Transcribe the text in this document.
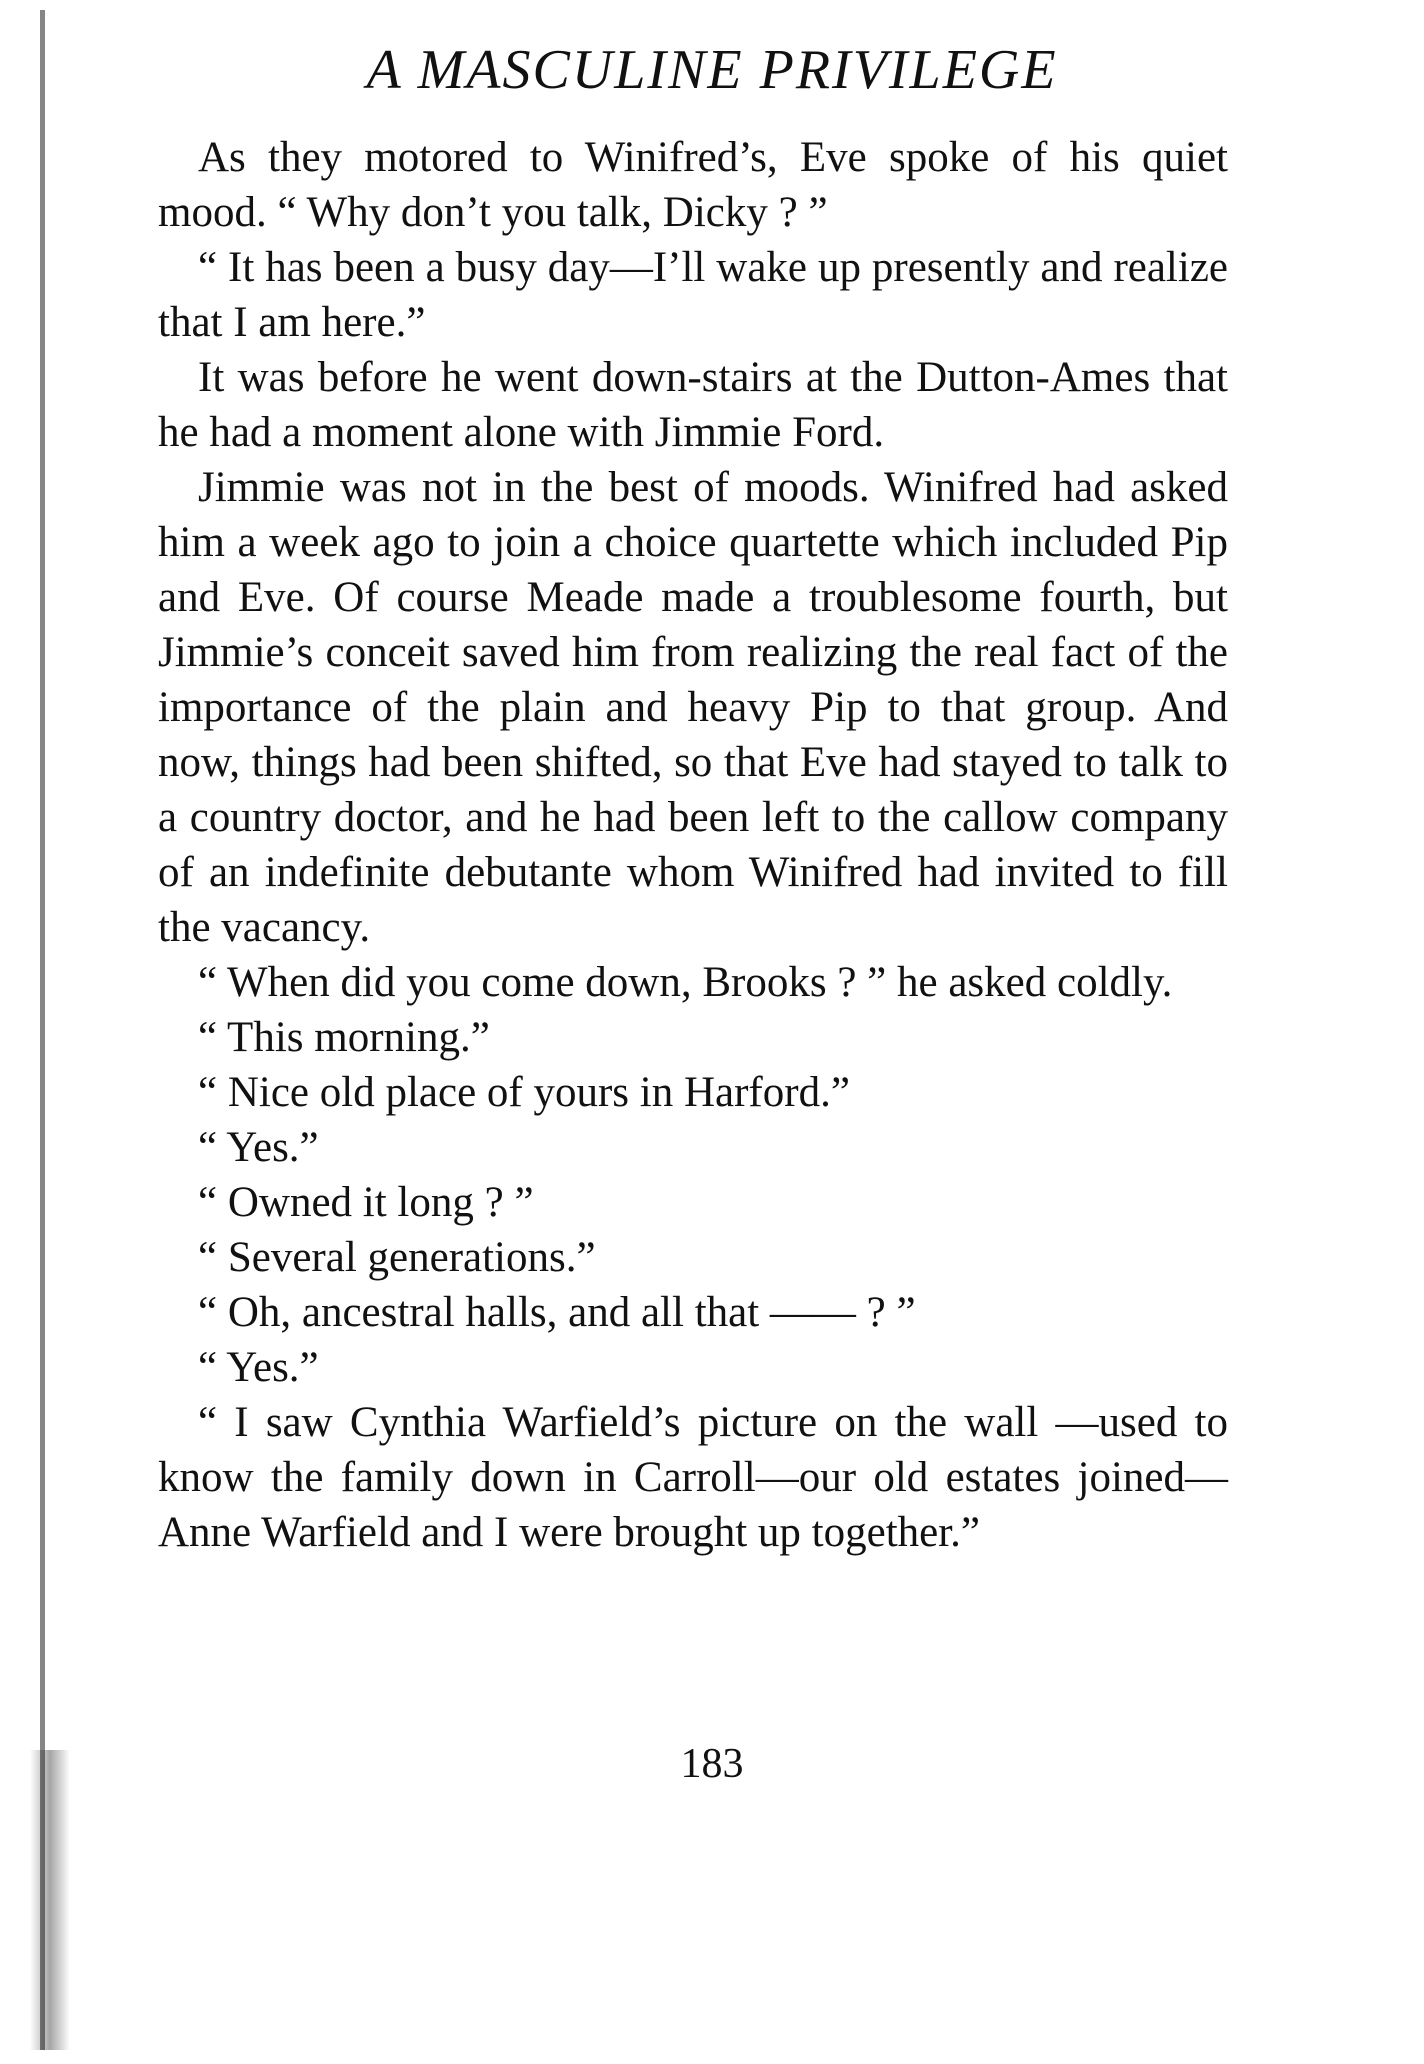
A MASCULINE PRIVILEGE

As they motored to Winifred’s, Eve spoke of his quiet mood. “ Why don’t you talk, Dicky ? ”

“ It has been a busy day—I’ll wake up presently and realize that I am here.”

It was before he went down-stairs at the Dutton-Ames that he had a moment alone with Jimmie Ford.

Jimmie was not in the best of moods. Winifred had asked him a week ago to join a choice quartette which included Pip and Eve. Of course Meade made a troublesome fourth, but Jimmie’s conceit saved him from realizing the real fact of the importance of the plain and heavy Pip to that group. And now, things had been shifted, so that Eve had stayed to talk to a country doctor, and he had been left to the callow company of an indefinite debutante whom Winifred had invited to fill the vacancy.

“ When did you come down, Brooks ? ” he asked coldly.

“ This morning.”

“ Nice old place of yours in Harford.”

“ Yes.”

“ Owned it long ? ”

“ Several generations.”

“ Oh, ancestral halls, and all that —— ? ”

“ Yes.”

“ I saw Cynthia Warfield’s picture on the wall —used to know the family down in Carroll—our old estates joined—Anne Warfield and I were brought up together.”

183
